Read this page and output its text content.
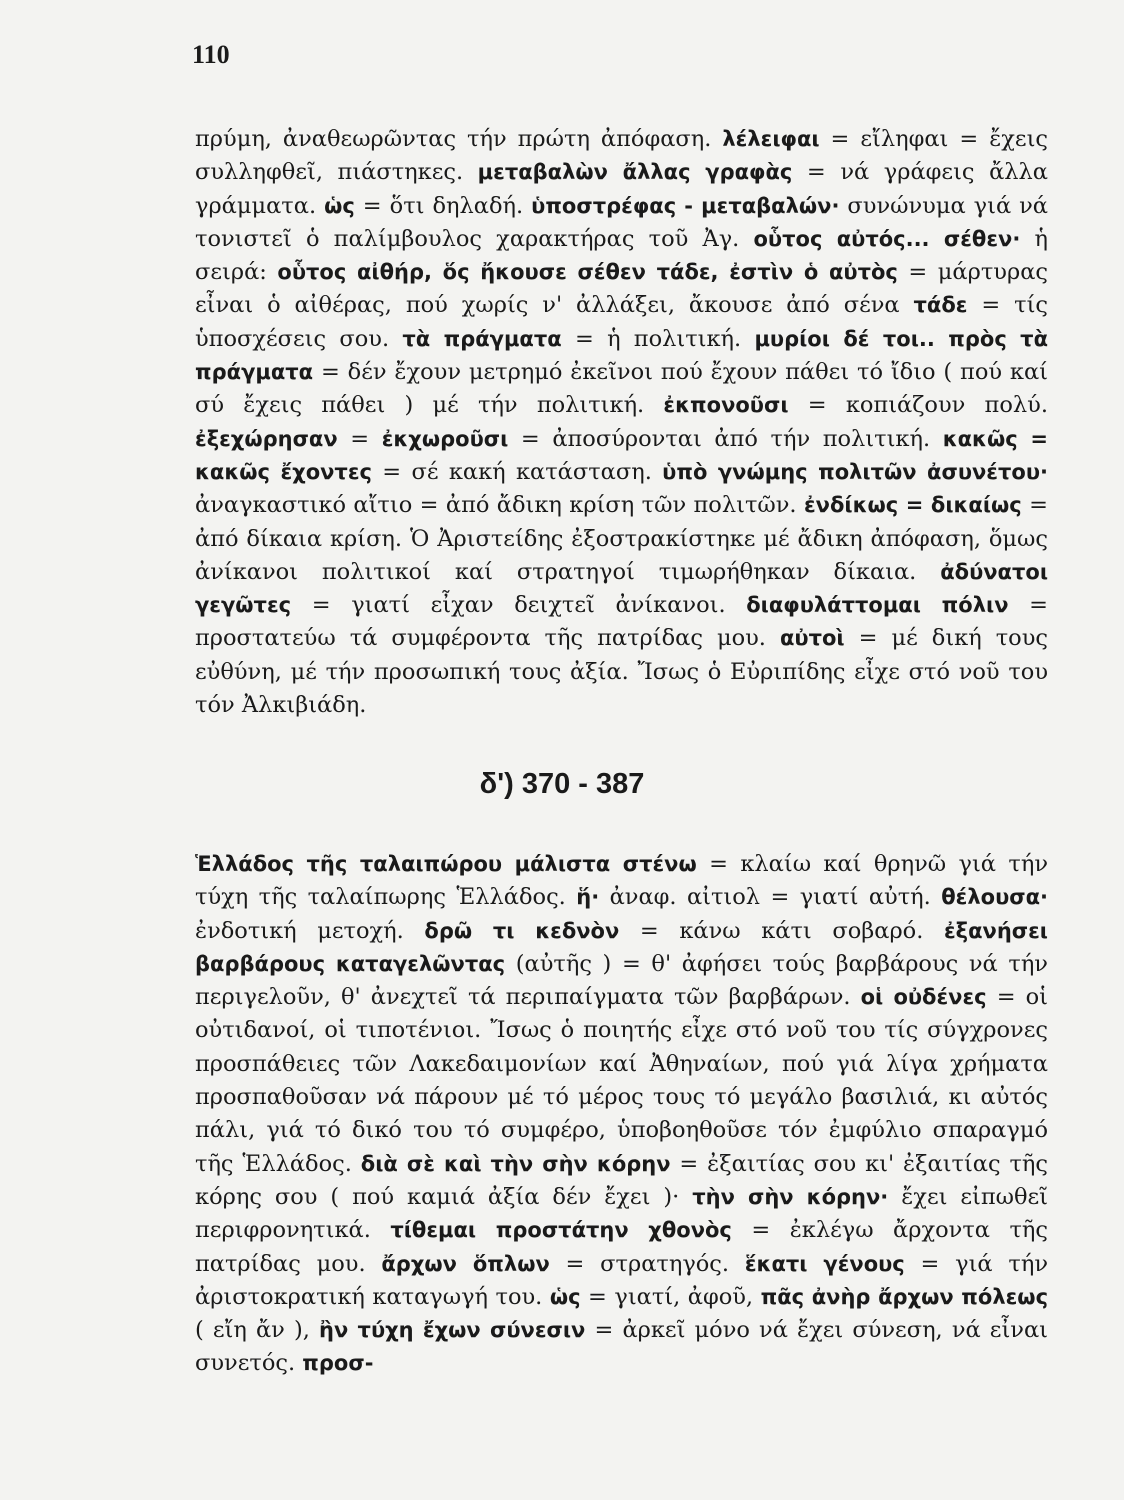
110

πρύμη, ἀναθεωρῶντας τήν πρώτη ἀπόφαση. λέλειφαι = εἴληφαι = ἔχεις συλληφθεῖ, πιάστηκες. μεταβαλὼν ἄλλας γραφὰς = νά γράφεις ἄλλα γράμματα. ὡς = ὅτι δηλαδή. ὑποστρέφας - μεταβαλών· συνώνυμα γιά νά τονιστεῖ ὁ παλίμβουλος χαρακτήρας τοῦ Ἀγ. οὗτος αὐτός... σέθεν· ἡ σειρά: οὗτος αἰθήρ, ὅς ἤκουσε σέθεν τάδε, ἐστὶν ὁ αὐτὸς = μάρτυρας εἶναι ὁ αἰθέρας, πού χωρίς ν' ἀλλάξει, ἄκουσε ἀπό σένα τάδε = τίς ὑποσχέσεις σου. τὰ πράγματα = ἡ πολιτική. μυρίοι δέ τοι.. πρὸς τὰ πράγματα = δέν ἔχουν μετρημό ἐκεῖνοι πού ἔχουν πάθει τό ἴδιο ( πού καί σύ ἔχεις πάθει ) μέ τήν πολιτική. ἐκπονοῦσι = κοπιάζουν πολύ. ἐξεχώρησαν = ἐκχωροῦσι = ἀποσύρονται ἀπό τήν πολιτική. κακῶς = κακῶς ἔχοντες = σέ κακή κατάσταση. ὑπὸ γνώμης πολιτῶν ἀσυνέτου· ἀναγκαστικό αἴτιο = ἀπό ἄδικη κρίση τῶν πολιτῶν. ἐνδίκως = δικαίως = ἀπό δίκαια κρίση. Ὁ Ἀριστείδης ἐξοστρακίστηκε μέ ἄδικη ἀπόφαση, ὅμως ἀνίκανοι πολιτικοί καί στρατηγοί τιμωρήθηκαν δίκαια. ἀδύνατοι γεγῶτες = γιατί εἶχαν δειχτεῖ ἀνίκανοι. διαφυλάττομαι πόλιν = προστατεύω τά συμφέροντα τῆς πατρίδας μου. αὐτοὶ = μέ δική τους εὐθύνη, μέ τήν προσωπική τους ἀξία. Ἴσως ὁ Εὐριπίδης εἶχε στό νοῦ του τόν Ἀλκιβιάδη.

δ') 370 - 387

Ἑλλάδος τῆς ταλαιπώρου μάλιστα στένω = κλαίω καί θρηνῶ γιά τήν τύχη τῆς ταλαίπωρης Ἑλλάδος. ἥ· ἀναφ. αἰτιολ = γιατί αὐτή. θέλουσα· ἐνδοτική μετοχή. δρῶ τι κεδνὸν = κάνω κάτι σοβαρό. ἐξανήσει βαρβάρους καταγελῶντας (αὐτῆς ) = θ' ἀφήσει τούς βαρβάρους νά τήν περιγελοῦν, θ' ἀνεχτεῖ τά περιπαίγματα τῶν βαρβάρων. οἱ οὐδένες = οἱ οὐτιδανοί, οἱ τιποτένιοι. Ἴσως ὁ ποιητής εἶχε στό νοῦ του τίς σύγχρονες προσπάθειες τῶν Λακεδαιμονίων καί Ἀθηναίων, πού γιά λίγα χρήματα προσπαθοῦσαν νά πάρουν μέ τό μέρος τους τό μεγάλο βασιλιά, κι αὐτός πάλι, γιά τό δικό του τό συμφέρο, ὑποβοηθοῦσε τόν ἐμφύλιο σπαραγμό τῆς Ἑλλάδος. διὰ σὲ καὶ τὴν σὴν κόρην = ἐξαιτίας σου κι' ἐξαιτίας τῆς κόρης σου ( πού καμιά ἀξία δέν ἔχει )· τὴν σὴν κόρην· ἔχει εἰπωθεῖ περιφρονητικά. τίθεμαι προστάτην χθονὸς = ἐκλέγω ἄρχοντα τῆς πατρίδας μου. ἄρχων ὅπλων = στρατηγός. ἕκατι γένους = γιά τήν ἀριστοκρατική καταγωγή του. ὡς = γιατί, ἀφοῦ, πᾶς ἀνὴρ ἄρχων πόλεως ( εἴη ἄν ), ἢν τύχη ἔχων σύνεσιν = ἀρκεῖ μόνο νά ἔχει σύνεση, νά εἶναι συνετός. προσ-
